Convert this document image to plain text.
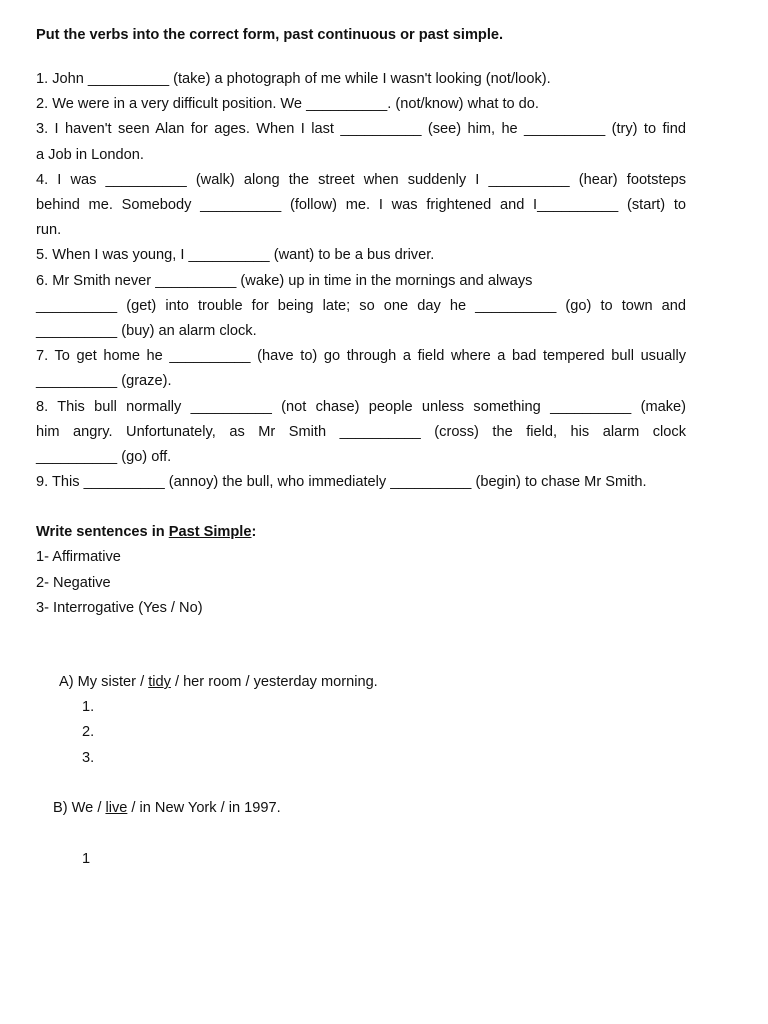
Put the verbs into the correct form, past continuous or past simple.

1. John __________ (take) a photograph of me while I wasn't looking (not/look).

2. We were in a very difficult position. We __________. (not/know) what to do.

3. I haven't seen Alan for ages. When I last __________ (see) him, he __________ (try) to find

a Job in London.

4. I was __________ (walk) along the street when suddenly I __________ (hear) footsteps

behind me. Somebody __________ (follow) me. I was frightened and I__________ (start) to

run.

5. When I was young, I __________ (want) to be a bus driver.

6. Mr Smith never __________ (wake) up in time in the mornings and always

__________ (get) into trouble for being late; so one day he __________ (go) to town and

__________ (buy) an alarm clock.

7. To get home he __________ (have to) go through a field where a bad tempered bull usually

__________ (graze).

8. This bull normally __________ (not chase) people unless something __________ (make)

him angry. Unfortunately, as Mr Smith __________ (cross) the field, his alarm clock

__________ (go) off.

9. This __________ (annoy) the bull, who immediately __________ (begin) to chase Mr Smith.

Write sentences in Past Simple:
1- Affirmative
2- Negative
3- Interrogative (Yes / No)
A) My sister / tidy / her room / yesterday morning.
1.
2.
3.
B) We / live / in New York / in 1997.
1
